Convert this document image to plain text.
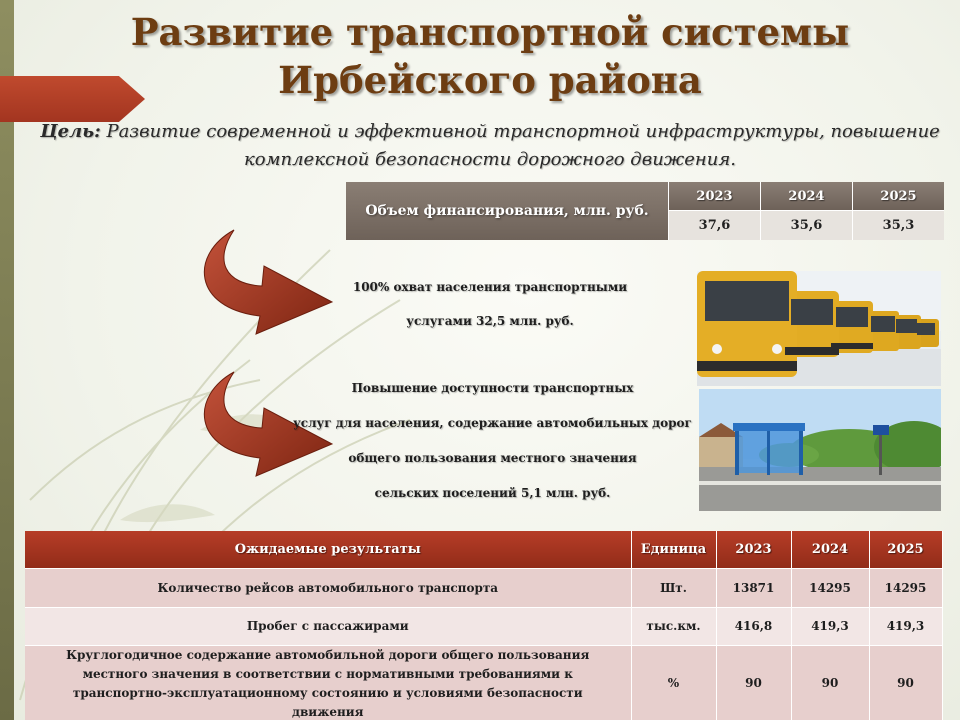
Развитие транспортной системы Ирбейского района
Цель: Развитие современной и эффективной транспортной инфраструктуры, повышение комплексной безопасности дорожного движения.
Объем финансирования, млн. руб.
2023	2024	2025
37,6	35,6	35,3
100% охват населения транспортными
услугами 32,5 млн. руб.
Повышение доступности транспортных
услуг для населения, содержание автомобильных дорог
общего пользования местного значения
сельских поселений 5,1 млн. руб.
Ожидаемые результаты	Единица	2023	2024	2025
Количество рейсов автомобильного транспорта	Шт.	13871	14295	14295
Пробег с пассажирами	тыс.км.	416,8	419,3	419,3
Круглогодичное содержание автомобильной дороги общего пользования местного значения в соответствии с нормативными требованиями к транспортно-эксплуатационному состоянию и условиями безопасности движения	%	90	90	90
